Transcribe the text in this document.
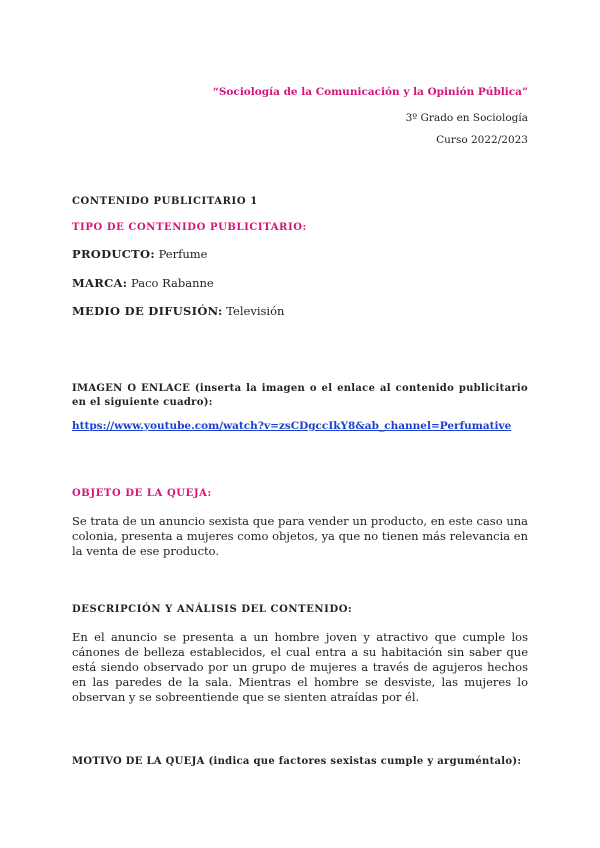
“Sociología de la Comunicación y la Opinión Pública”
3º Grado en Sociología
Curso 2022/2023
CONTENIDO PUBLICITARIO 1
TIPO DE CONTENIDO PUBLICITARIO:
PRODUCTO: Perfume
MARCA: Paco Rabanne
MEDIO DE DIFUSIÓN: Televisión
IMAGEN O ENLACE (inserta la imagen o el enlace al contenido publicitario en el siguiente cuadro):
https://www.youtube.com/watch?v=zsCDgccIkY8&ab_channel=Perfumative
OBJETO DE LA QUEJA:
Se trata de un anuncio sexista que para vender un producto, en este caso una colonia, presenta a mujeres como objetos, ya que no tienen más relevancia en la venta de ese producto.
DESCRIPCIÓN Y ANÁLISIS DEL CONTENIDO:
En el anuncio se presenta a un hombre joven y atractivo que cumple los cánones de belleza establecidos, el cual entra a su habitación sin saber que está siendo observado por un grupo de mujeres a través de agujeros hechos en las paredes de la sala. Mientras el hombre se desviste, las mujeres lo observan y se sobreentiende que se sienten atraídas por él.
MOTIVO DE LA QUEJA (indica que factores sexistas cumple y arguméntalo):
